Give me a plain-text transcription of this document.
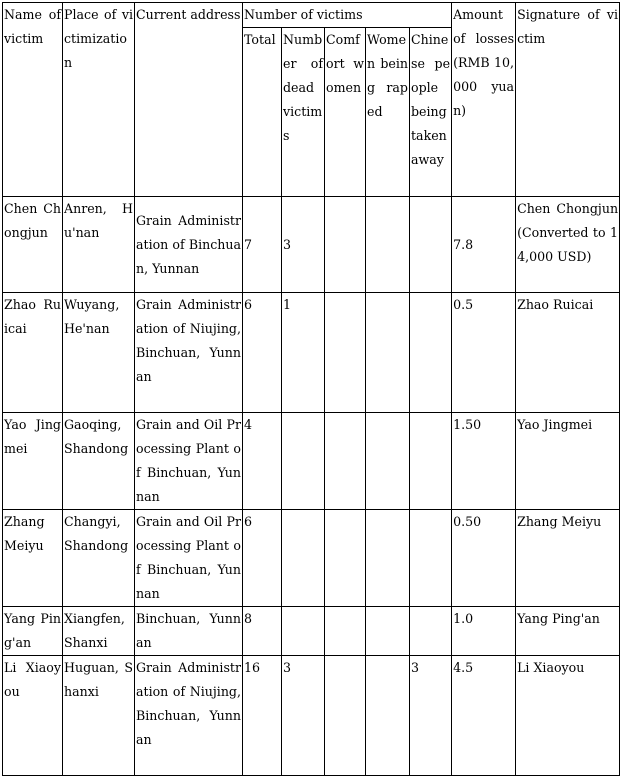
Name of victim	Place of victimization	Current address	Number of victims					Amount of losses (RMB 10,000 yuan)	Signature of victim
			Total	Number of dead victims	Comfort women	Women being raped	Chinese people being taken away		
Chen Chongjun	Anren, Hu'nan	Grain Administration of Binchuan, Yunnan	7	3				7.8	Chen Chongjun (Converted to 14,000 USD)
Zhao Ruicai	Wuyang, He'nan	Grain Administration of Niujing, Binchuan, Yunnan	6	1				0.5	Zhao Ruicai
Yao Jingmei	Gaoqing, Shandong	Grain and Oil Processing Plant of Binchuan, Yunnan	4					1.50	Yao Jingmei
Zhang Meiyu	Changyi, Shandong	Grain and Oil Processing Plant of Binchuan, Yunnan	6					0.50	Zhang Meiyu
Yang Ping'an	Xiangfen, Shanxi	Binchuan, Yunnan	8					1.0	Yang Ping'an
Li Xiaoyou	Huguan, Shanxi	Grain Administration of Niujing, Binchuan, Yunnan	16	3			3	4.5	Li Xiaoyou
